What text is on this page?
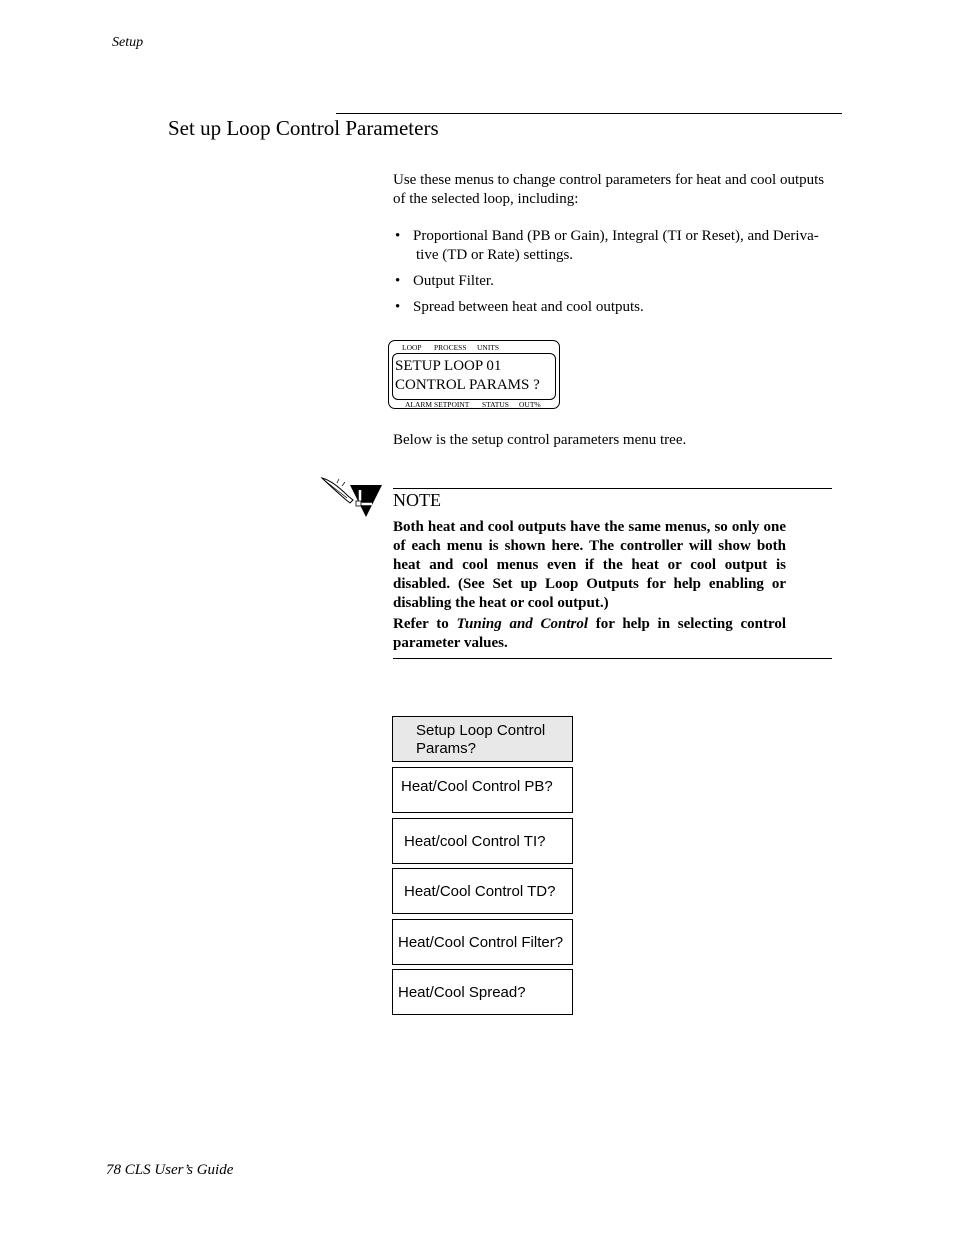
Setup
Set up Loop Control Parameters
Use these menus to change control parameters for heat and cool outputs
of the selected loop, including:
• Proportional Band (PB or Gain), Integral (TI or Reset), and Deriva-
tive (TD or Rate) settings.
• Output Filter.
• Spread between heat and cool outputs.
LOOP PROCESS UNITS
SETUP LOOP 01
CONTROL PARAMS ?
ALARM SETPOINT STATUS OUT%
Below is the setup control parameters menu tree.
NOTE

Both heat and cool outputs have the same menus, so only one of each menu is shown here. The controller will show both heat and cool menus even if the heat or cool output is disabled. (See Set up Loop Outputs for help enabling or disabling the heat or cool output.)

Refer to Tuning and Control for help in selecting control parameter values.

Setup Loop Control
Params?
Heat/Cool Control PB?
Heat/cool Control TI?
Heat/Cool Control TD?
Heat/Cool Control Filter?
Heat/Cool Spread?
78 CLS User’s Guide
